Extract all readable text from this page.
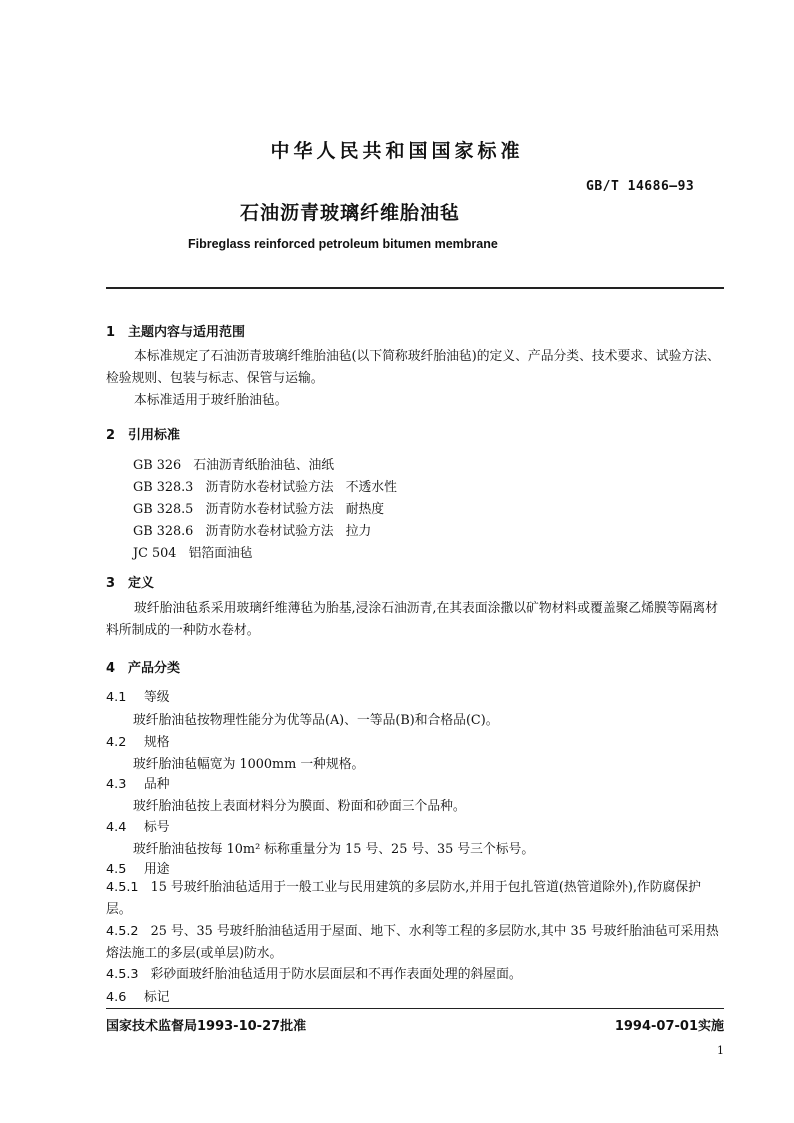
中华人民共和国国家标准
GB/T 14686—93
石油沥青玻璃纤维胎油毡
Fibreglass reinforced petroleum bitumen membrane
1 主题内容与适用范围
本标准规定了石油沥青玻璃纤维胎油毡(以下简称玻纤胎油毡)的定义、产品分类、技术要求、试验方法、检验规则、包装与标志、保管与运输。
本标准适用于玻纤胎油毡。
2 引用标准
GB 326   石油沥青纸胎油毡、油纸
GB 328.3   沥青防水卷材试验方法   不透水性
GB 328.5   沥青防水卷材试验方法   耐热度
GB 328.6   沥青防水卷材试验方法   拉力
JC 504   铝箔面油毡
3 定义
玻纤胎油毡系采用玻璃纤维薄毡为胎基,浸涂石油沥青,在其表面涂撒以矿物材料或覆盖聚乙烯膜等隔离材料所制成的一种防水卷材。
4 产品分类
4.1 等级
玻纤胎油毡按物理性能分为优等品(A)、一等品(B)和合格品(C)。
4.2 规格
玻纤胎油毡幅宽为 1000mm 一种规格。
4.3 品种
玻纤胎油毡按上表面材料分为膜面、粉面和砂面三个品种。
4.4 标号
玻纤胎油毡按每 10m² 标称重量分为 15 号、25 号、35 号三个标号。
4.5 用途
4.5.1 15 号玻纤胎油毡适用于一般工业与民用建筑的多层防水,并用于包扎管道(热管道除外),作防腐保护层。
4.5.2 25 号、35 号玻纤胎油毡适用于屋面、地下、水利等工程的多层防水,其中 35 号玻纤胎油毡可采用热熔法施工的多层(或单层)防水。
4.5.3 彩砂面玻纤胎油毡适用于防水层面层和不再作表面处理的斜屋面。
4.6 标记
国家技术监督局1993-10-27批准	1994-07-01实施
1
